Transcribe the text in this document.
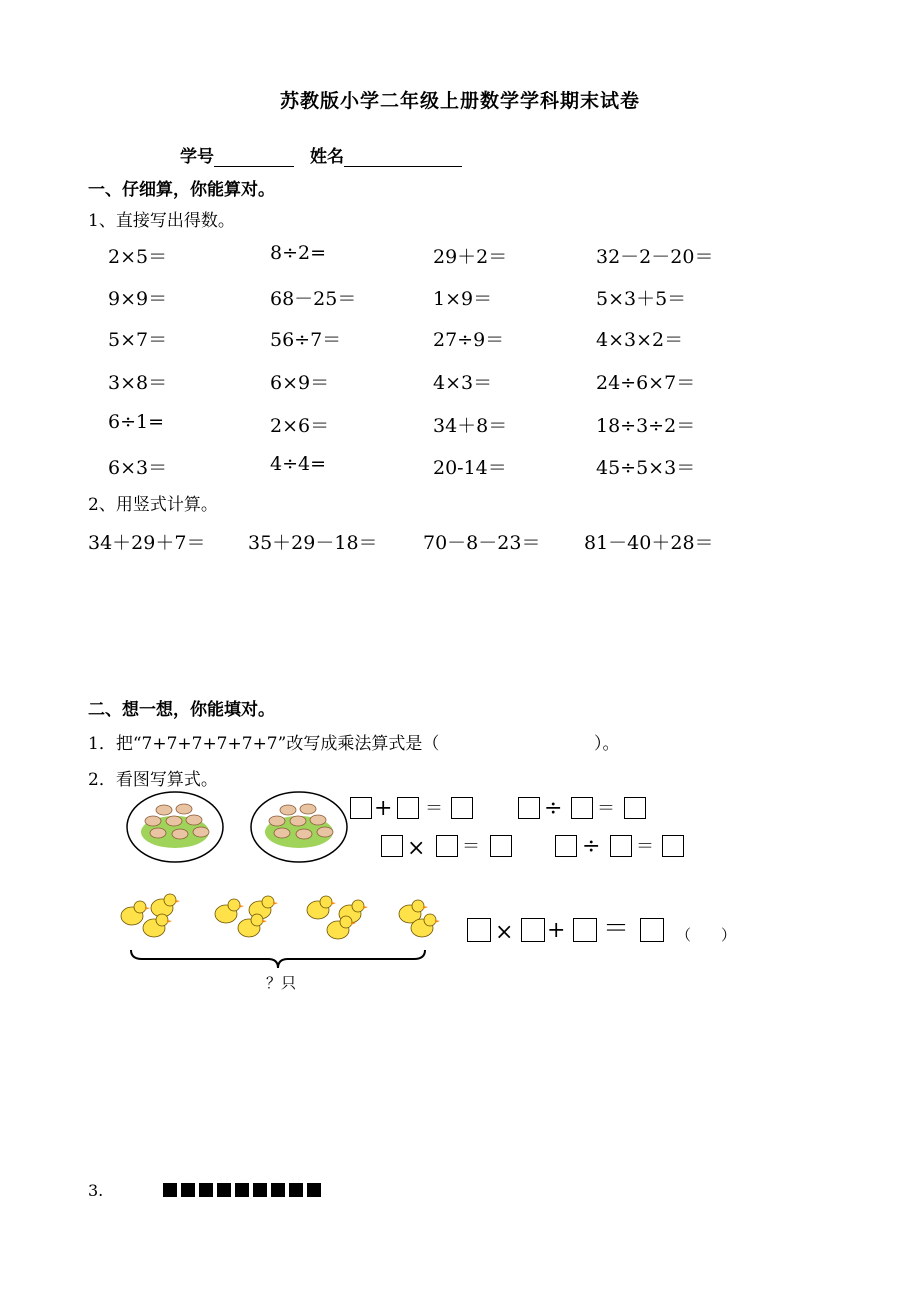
苏教版小学二年级上册数学学科期末试卷
学号	姓名
一、仔细算，你能算对。
1、直接写出得数。
2×5＝	8÷2=	29＋2＝	32－2－20＝
9×9＝	68－25＝	1×9＝	5×3＋5＝
5×7＝	56÷7＝	27÷9＝	4×3×2＝
3×8＝	6×9＝	4×3＝	24÷6×7＝
6÷1=	2×6＝	34＋8＝	18÷3÷2＝
6×3＝	4÷4=	20-14＝	45÷5×3＝
2、用竖式计算。
34＋29＋7＝ 35＋29－18＝ 70－8－23＝ 81－40＋28＝
二、想一想，你能填对。
1．把“7+7+7+7+7+7”改写成乘法算式是（	）。
2．看图写算式。
+ ＝	÷ ＝
× ＝	÷ ＝
？只
× + ＝	（　　）
3.
